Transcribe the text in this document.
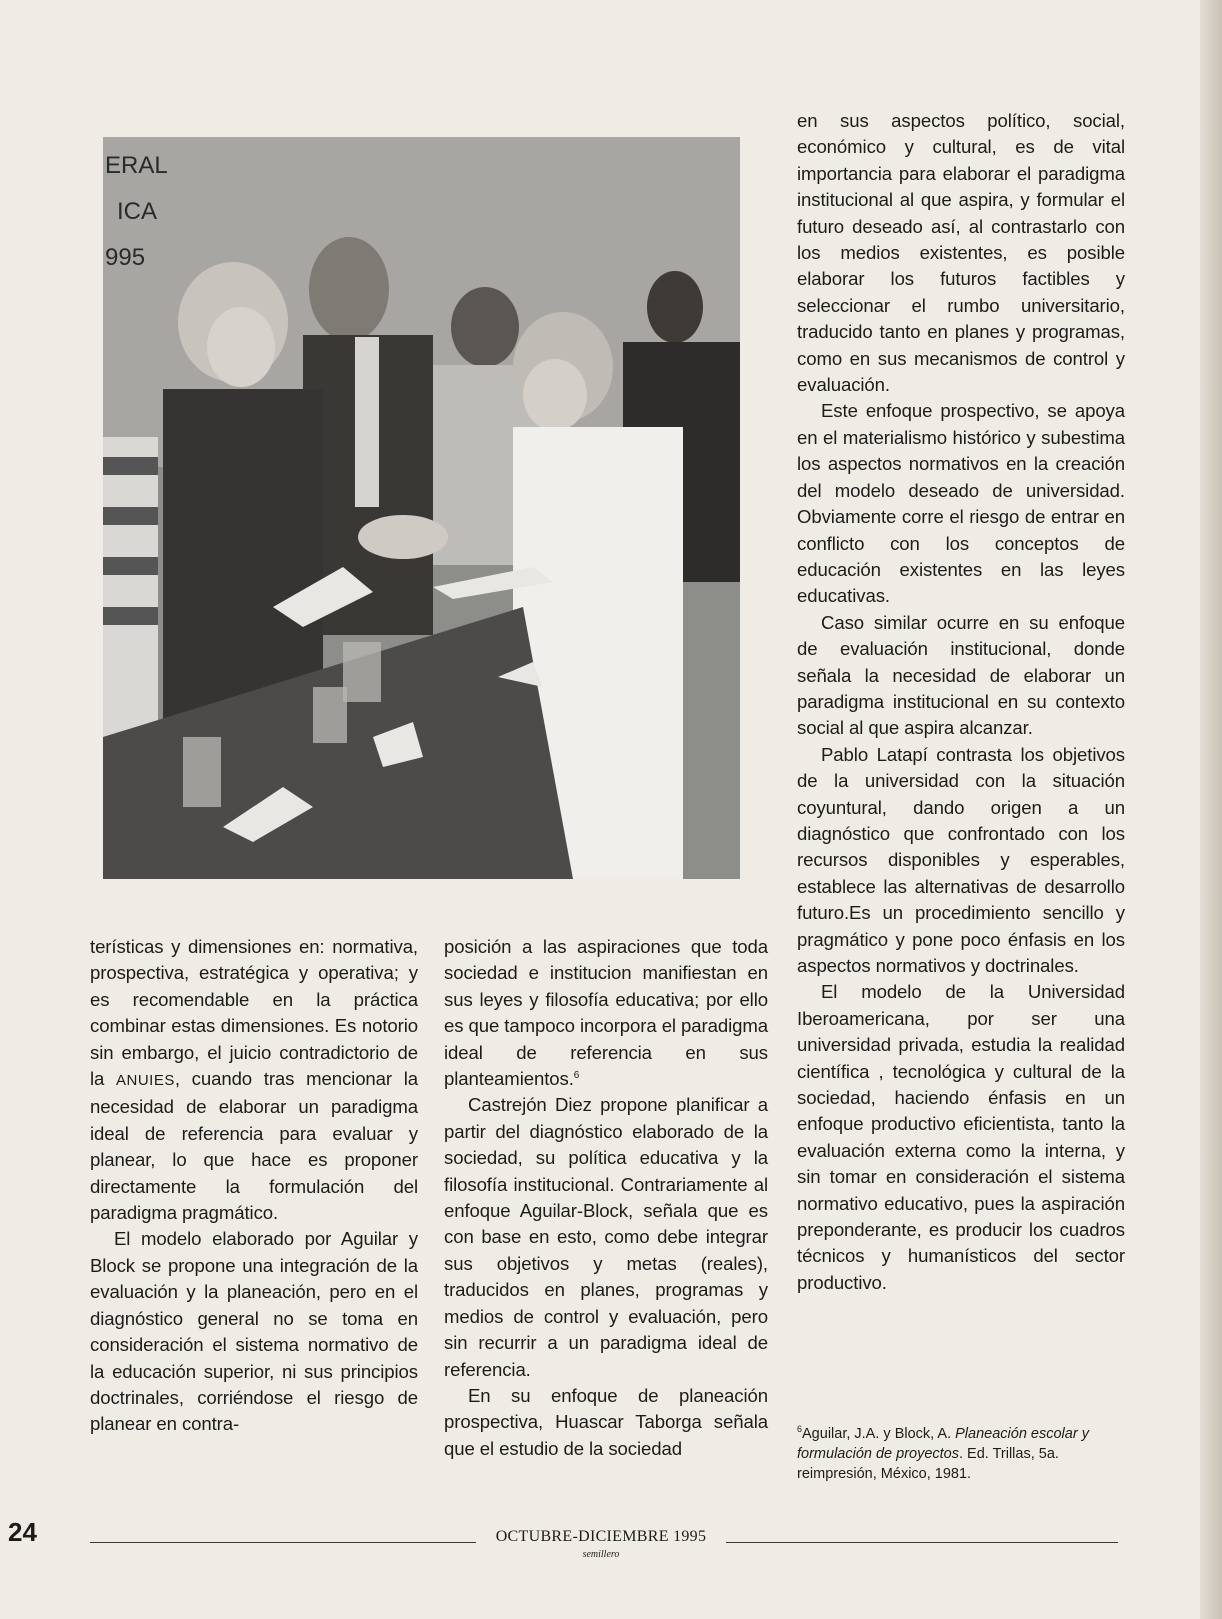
ERAL
ICA
995

terísticas y dimensiones en: normativa, prospectiva, estratégica y operativa; y es recomendable en la práctica combinar estas dimensiones. Es notorio sin embargo, el juicio contradictorio de la ANUIES, cuando tras mencionar la necesidad de elaborar un paradigma ideal de referencia para evaluar y planear, lo que hace es proponer directamente la formulación del paradigma pragmático.

El modelo elaborado por Aguilar y Block se propone una integración de la evaluación y la planeación, pero en el diagnóstico general no se toma en consideración el sistema normativo de la educación superior, ni sus principios doctrinales, corriéndose el riesgo de planear en contra-

posición a las aspiraciones que toda sociedad e institucion manifiestan en sus leyes y filosofía educativa; por ello es que tampoco incorpora el paradigma ideal de referencia en sus planteamientos.$^6$

Castrejón Diez propone planificar a partir del diagnóstico elaborado de la sociedad, su política educativa y la filosofía institucional. Contrariamente al enfoque Aguilar-Block, señala que es con base en esto, como debe integrar sus objetivos y metas (reales), traducidos en planes, programas y medios de control y evaluación, pero sin recurrir a un paradigma ideal de referencia.

En su enfoque de planeación prospectiva, Huascar Taborga señala que el estudio de la sociedad

en sus aspectos político, social, económico y cultural, es de vital importancia para elaborar el paradigma institucional al que aspira, y formular el futuro deseado así, al contrastarlo con los medios existentes, es posible elaborar los futuros factibles y seleccionar el rumbo universitario, traducido tanto en planes y programas, como en sus mecanismos de control y evaluación.

Este enfoque prospectivo, se apoya en el materialismo histórico y subestima los aspectos normativos en la creación del modelo deseado de universidad. Obviamente corre el riesgo de entrar en conflicto con los conceptos de educación existentes en las leyes educativas.

Caso similar ocurre en su enfoque de evaluación institucional, donde señala la necesidad de elaborar un paradigma institucional en su contexto social al que aspira alcanzar.

Pablo Latapí contrasta los objetivos de la universidad con la situación coyuntural, dando origen a un diagnóstico que confrontado con los recursos disponibles y esperables, establece las alternativas de desarrollo futuro.Es un procedimiento sencillo y pragmático y pone poco énfasis en los aspectos normativos y doctrinales.

El modelo de la Universidad Iberoamericana, por ser una universidad privada, estudia la realidad científica , tecnológica y cultural de la sociedad, haciendo énfasis en un enfoque productivo eficientista, tanto la evaluación externa como la interna, y sin tomar en consideración el sistema normativo educativo, pues la aspiración preponderante, es producir los cuadros técnicos y humanísticos del sector productivo.

$^6$Aguilar, J.A. y Block, A. Planeación escolar y formulación de proyectos. Ed. Trillas, 5a. reimpresión, México, 1981.
24	OCTUBRE-DICIEMBRE 1995
semillero
